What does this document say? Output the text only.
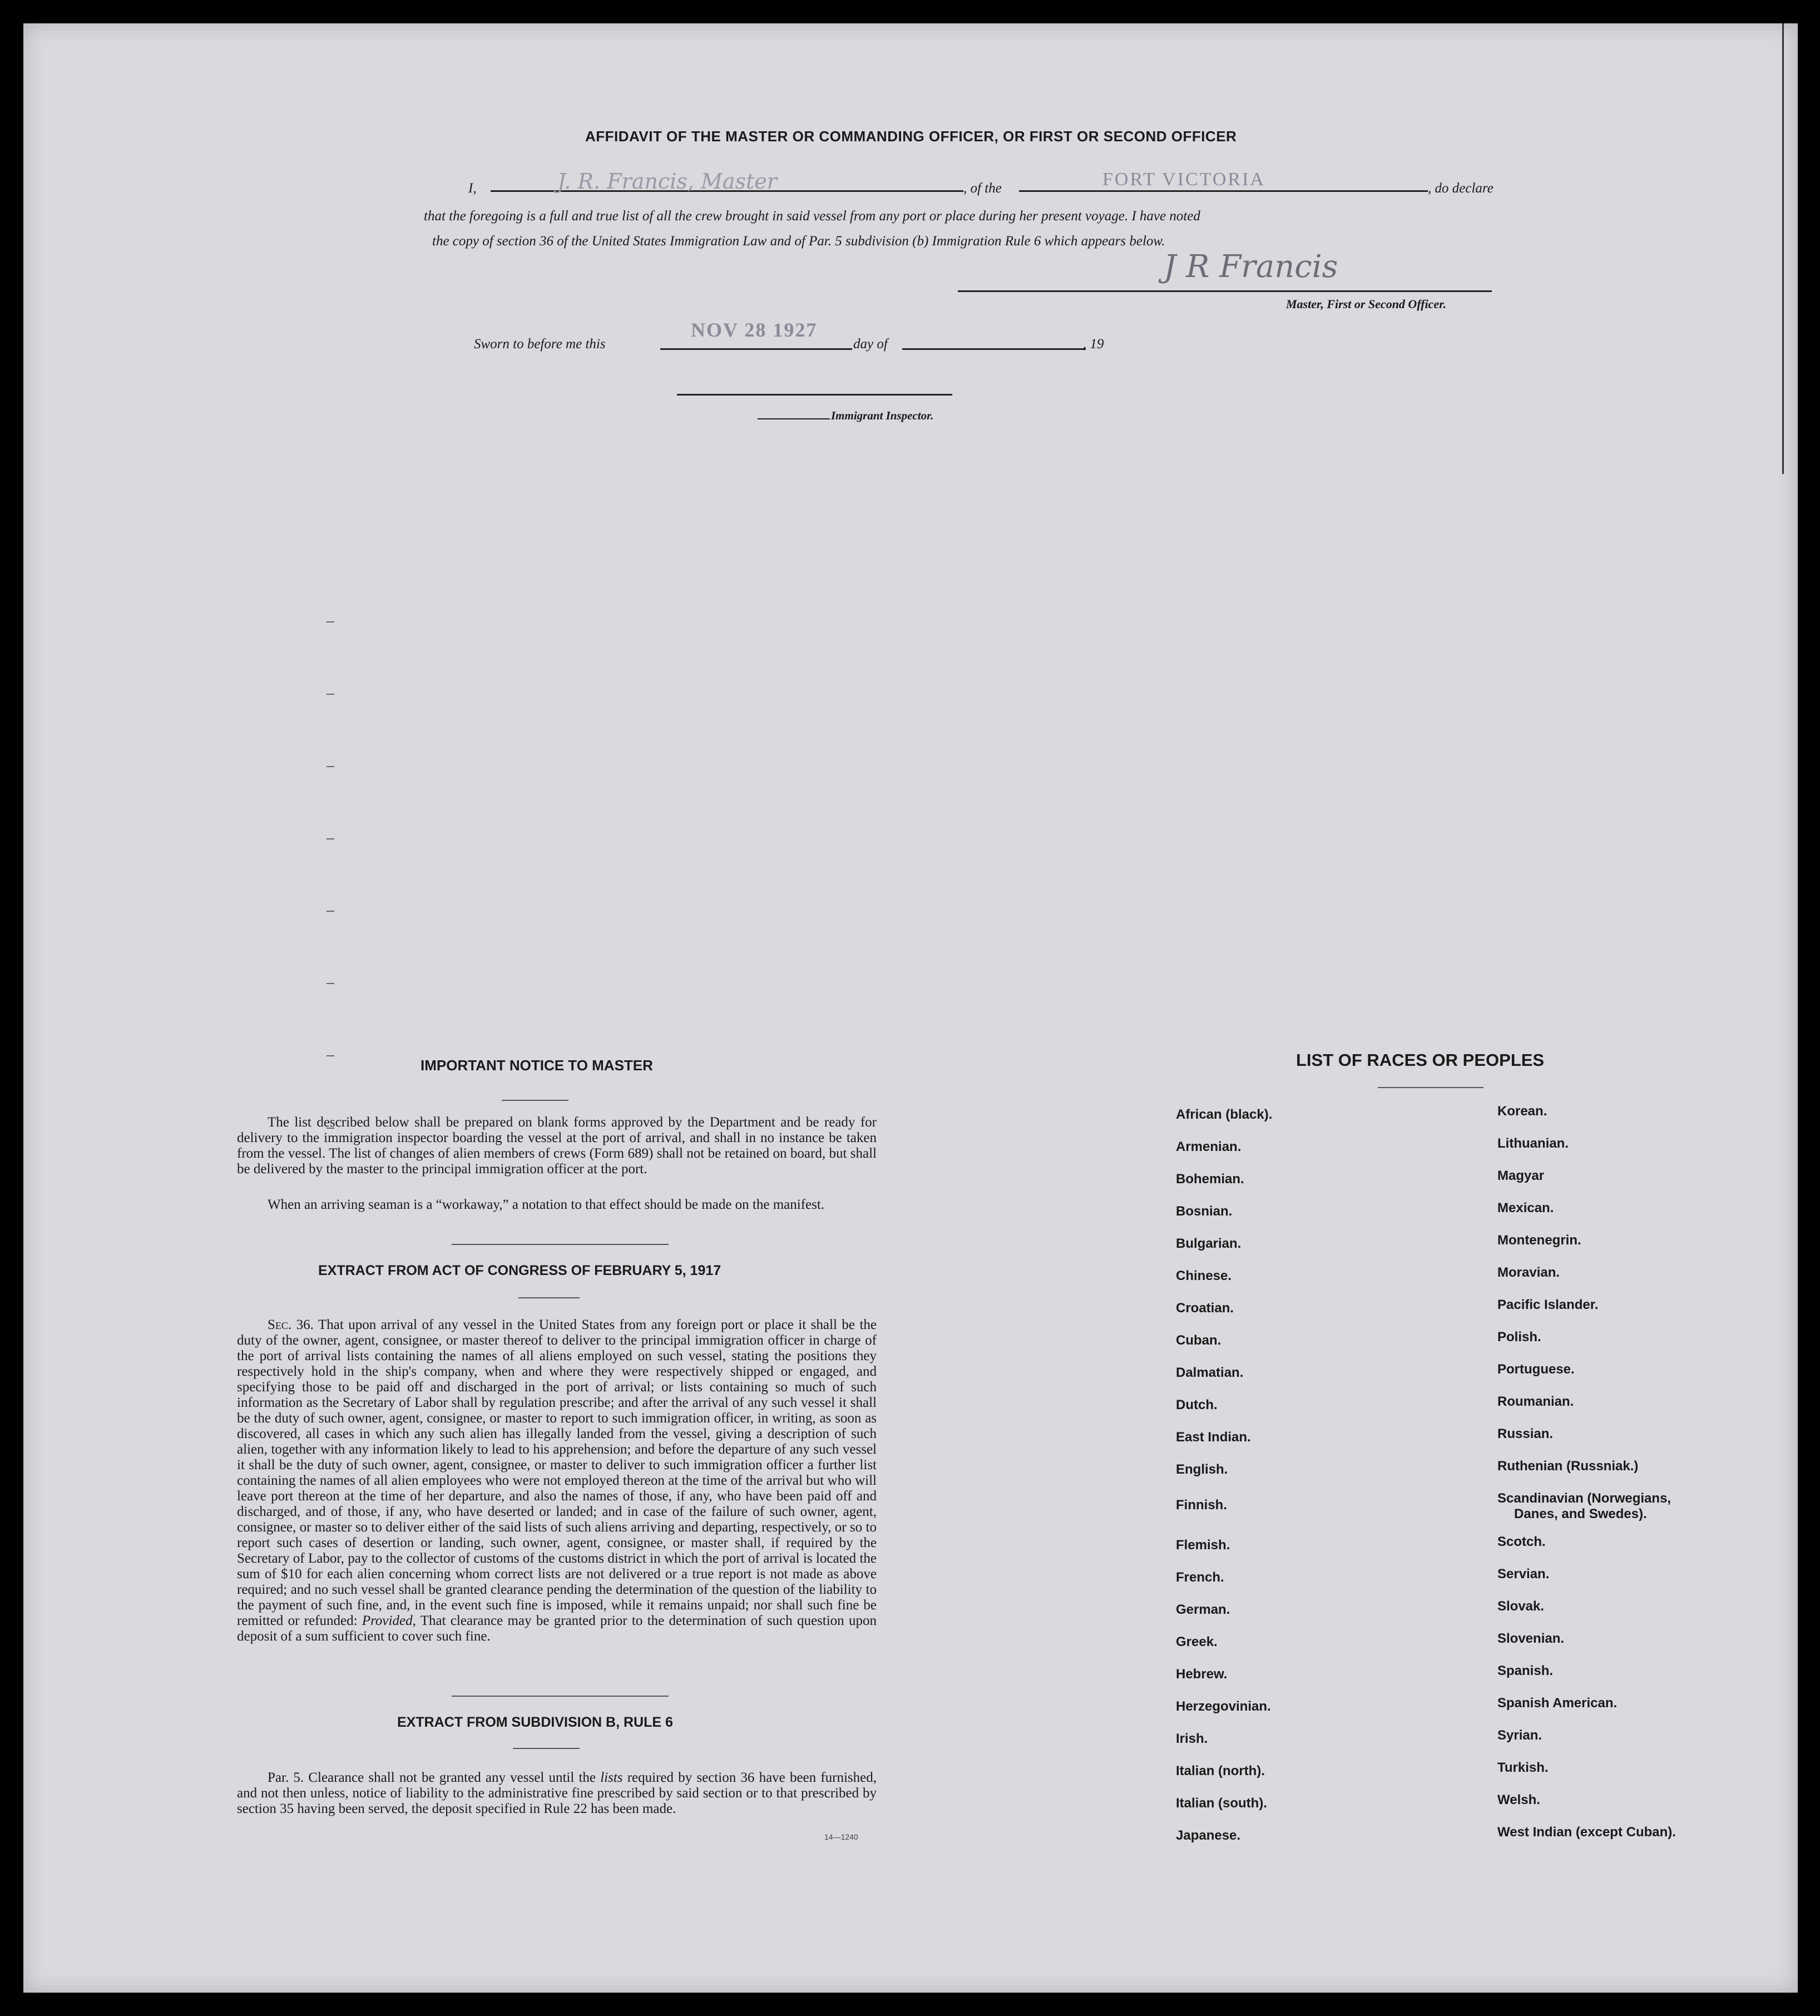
AFFIDAVIT OF THE MASTER OR COMMANDING OFFICER, OR FIRST OR SECOND OFFICER
I,	J. R. Francis, Master	, of the	FORT VICTORIA	, do declare
that the foregoing is a full and true list of all the crew brought in said vessel from any port or place during her present voyage. I have noted
the copy of section 36 of the United States Immigration Law and of Par. 5 subdivision (b) Immigration Rule 6 which appears below.
J R Francis
Master, First or Second Officer.
Sworn to before me this
NOV 28 1927
day of	, 19
Immigrant Inspector.
IMPORTANT NOTICE TO MASTER
The list described below shall be prepared on blank forms approved by the Department and be ready for delivery to the immigration inspector boarding the vessel at the port of arrival, and shall in no instance be taken from the vessel. The list of changes of alien members of crews (Form 689) shall not be retained on board, but shall be delivered by the master to the principal immigration officer at the port.
When an arriving seaman is a “workaway,” a notation to that effect should be made on the manifest.
EXTRACT FROM ACT OF CONGRESS OF FEBRUARY 5, 1917
Sec. 36. That upon arrival of any vessel in the United States from any foreign port or place it shall be the duty of the owner, agent, consignee, or master thereof to deliver to the principal immigration officer in charge of the port of arrival lists containing the names of all aliens employed on such vessel, stating the positions they respectively hold in the ship's company, when and where they were respectively shipped or engaged, and specifying those to be paid off and discharged in the port of arrival; or lists containing so much of such information as the Secretary of Labor shall by regulation prescribe; and after the arrival of any such vessel it shall be the duty of such owner, agent, consignee, or master to report to such immigration officer, in writing, as soon as discovered, all cases in which any such alien has illegally landed from the vessel, giving a description of such alien, together with any information likely to lead to his apprehension; and before the departure of any such vessel it shall be the duty of such owner, agent, consignee, or master to deliver to such immigration officer a further list containing the names of all alien employees who were not employed thereon at the time of the arrival but who will leave port thereon at the time of her departure, and also the names of those, if any, who have been paid off and discharged, and of those, if any, who have deserted or landed; and in case of the failure of such owner, agent, consignee, or master so to deliver either of the said lists of such aliens arriving and departing, respectively, or so to report such cases of desertion or landing, such owner, agent, consignee, or master shall, if required by the Secretary of Labor, pay to the collector of customs of the customs district in which the port of arrival is located the sum of $10 for each alien concerning whom correct lists are not delivered or a true report is not made as above required; and no such vessel shall be granted clearance pending the determination of the question of the liability to the payment of such fine, and, in the event such fine is imposed, while it remains unpaid; nor shall such fine be remitted or refunded: Provided, That clearance may be granted prior to the determination of such question upon deposit of a sum sufficient to cover such fine.
EXTRACT FROM SUBDIVISION B, RULE 6
Par. 5. Clearance shall not be granted any vessel until the lists required by section 36 have been furnished, and not then unless, notice of liability to the administrative fine prescribed by said section or to that prescribed by section 35 having been served, the deposit specified in Rule 22 has been made.
14—1240
LIST OF RACES OR PEOPLES
African (black).
Armenian.
Bohemian.
Bosnian.
Bulgarian.
Chinese.
Croatian.
Cuban.
Dalmatian.
Dutch.
East Indian.
English.
Finnish.
Flemish.
French.
German.
Greek.
Hebrew.
Herzegovinian.
Irish.
Italian (north).
Italian (south).
Japanese.
Korean.
Lithuanian.
Magyar
Mexican.
Montenegrin.
Moravian.
Pacific Islander.
Polish.
Portuguese.
Roumanian.
Russian.
Ruthenian (Russniak.)
Scandinavian (Norwegians,
Danes, and Swedes).
Scotch.
Servian.
Slovak.
Slovenian.
Spanish.
Spanish American.
Syrian.
Turkish.
Welsh.
West Indian (except Cuban).
